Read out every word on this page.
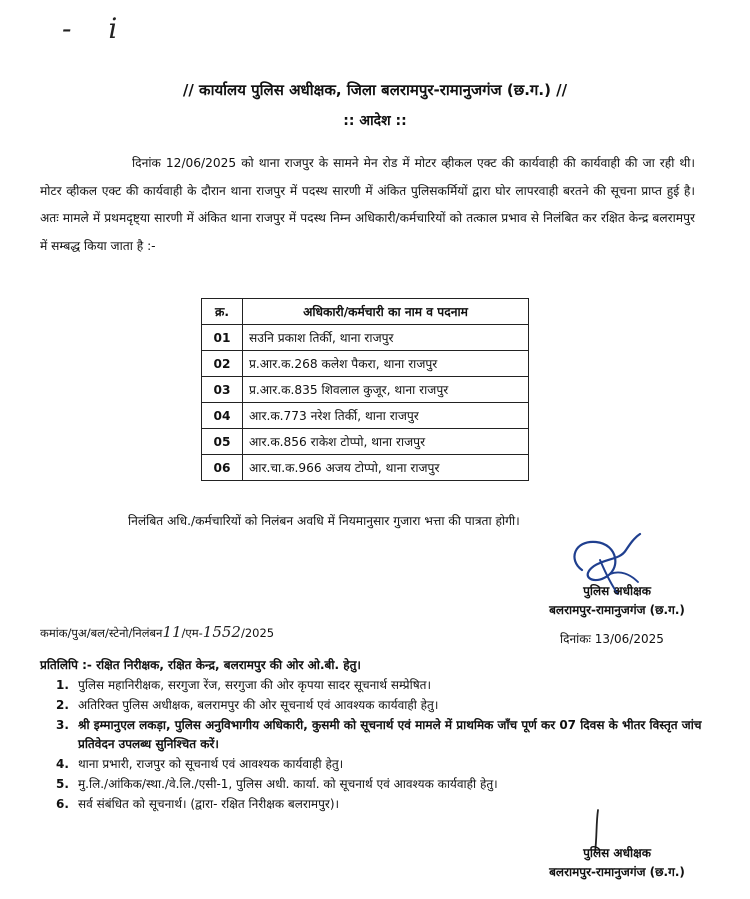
- i
// कार्यालय पुलिस अधीक्षक, जिला बलरामपुर-रामानुजगंज (छ.ग.) //
:: आदेश ::
दिनांक 12/06/2025 को थाना राजपुर के सामने मेन रोड में मोटर व्हीकल एक्ट की कार्यवाही की कार्यवाही की जा रही थी। मोटर व्हीकल एक्ट की कार्यवाही के दौरान थाना राजपुर में पदस्थ सारणी में अंकित पुलिसकर्मियों द्वारा घोर लापरवाही बरतने की सूचना प्राप्त हुई है। अतः मामले में प्रथमदृष्ट्या सारणी में अंकित थाना राजपुर में पदस्थ निम्न अधिकारी/कर्मचारियों को तत्काल प्रभाव से निलंबित कर रक्षित केन्द्र बलरामपुर में सम्बद्ध किया जाता है :-
क्र.	अधिकारी/कर्मचारी का नाम व पदनाम
01	सउनि प्रकाश तिर्की, थाना राजपुर
02	प्र.आर.क.268 कलेश पैकरा, थाना राजपुर
03	प्र.आर.क.835 शिवलाल कुजूर, थाना राजपुर
04	आर.क.773 नरेश तिर्की, थाना राजपुर
05	आर.क.856 राकेश टोप्पो, थाना राजपुर
06	आर.चा.क.966 अजय टोप्पो, थाना राजपुर
निलंबित अधि./कर्मचारियों को निलंबन अवधि में नियमानुसार गुजारा भत्ता की पात्रता होगी।
पुलिस अधीक्षक
बलरामपुर-रामानुजगंज (छ.ग.)
कमांक/पुअ/बल/स्टेनो/निलंबन11/एम-1552/2025	दिनांकः 13/06/2025
प्रतिलिपि :- रक्षित निरीक्षक, रक्षित केन्द्र, बलरामपुर की ओर ओ.बी. हेतु।
1. पुलिस महानिरीक्षक, सरगुजा रेंज, सरगुजा की ओर कृपया सादर सूचनार्थ सम्प्रेषित।
2. अतिरिक्त पुलिस अधीक्षक, बलरामपुर की ओर सूचनार्थ एवं आवश्यक कार्यवाही हेतु।
3. श्री इम्मानुएल लकड़ा, पुलिस अनुविभागीय अधिकारी, कुसमी को सूचनार्थ एवं मामले में प्राथमिक जाँच पूर्ण कर 07 दिवस के भीतर विस्तृत जांच प्रतिवेदन उपलब्ध सुनिश्चित करें।
4. थाना प्रभारी, राजपुर को सूचनार्थ एवं आवश्यक कार्यवाही हेतु।
5. मु.लि./आंकिक/स्था./वे.लि./एसी-1, पुलिस अधी. कार्या. को सूचनार्थ एवं आवश्यक कार्यवाही हेतु।
6. सर्व संबंधित को सूचनार्थ। (द्वारा- रक्षित निरीक्षक बलरामपुर)।
पुलिस अधीक्षक
बलरामपुर-रामानुजगंज (छ.ग.)
